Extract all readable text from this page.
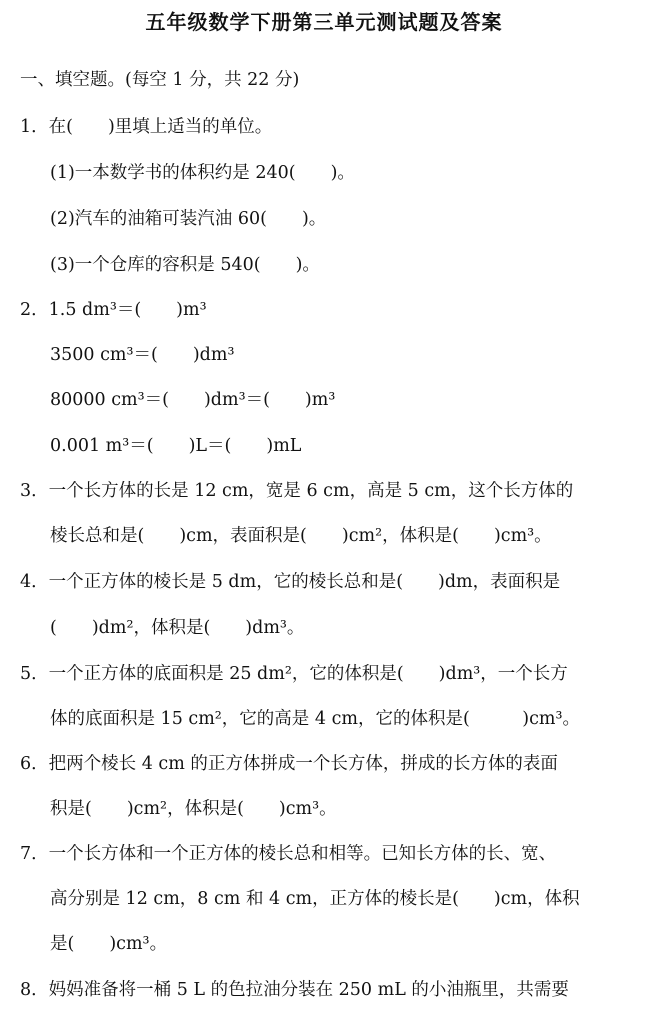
五年级数学下册第三单元测试题及答案
一、填空题。(每空 1 分，共 22 分)
1．在(　　)里填上适当的单位。
(1)一本数学书的体积约是 240(　　)。
(2)汽车的油箱可装汽油 60(　　)。
(3)一个仓库的容积是 540(　　)。
2．1.5 dm³＝(　　)m³
3500 cm³＝(　　)dm³
80000 cm³＝(　　)dm³＝(　　)m³
0.001 m³＝(　　)L＝(　　)mL
3．一个长方体的长是 12 cm，宽是 6 cm，高是 5 cm，这个长方体的
棱长总和是(　　)cm，表面积是(　　)cm²，体积是(　　)cm³。
4．一个正方体的棱长是 5 dm，它的棱长总和是(　　)dm，表面积是
(　　)dm²，体积是(　　)dm³。
5．一个正方体的底面积是 25 dm²，它的体积是(　　)dm³，一个长方
体的底面积是 15 cm²，它的高是 4 cm，它的体积是(　　　)cm³。
6．把两个棱长 4 cm 的正方体拼成一个长方体，拼成的长方体的表面
积是(　　)cm²，体积是(　　)cm³。
7．一个长方体和一个正方体的棱长总和相等。已知长方体的长、宽、
高分别是 12 cm，8 cm 和 4 cm，正方体的棱长是(　　)cm，体积
是(　　)cm³。
8．妈妈准备将一桶 5 L 的色拉油分装在 250 mL 的小油瓶里，共需要
